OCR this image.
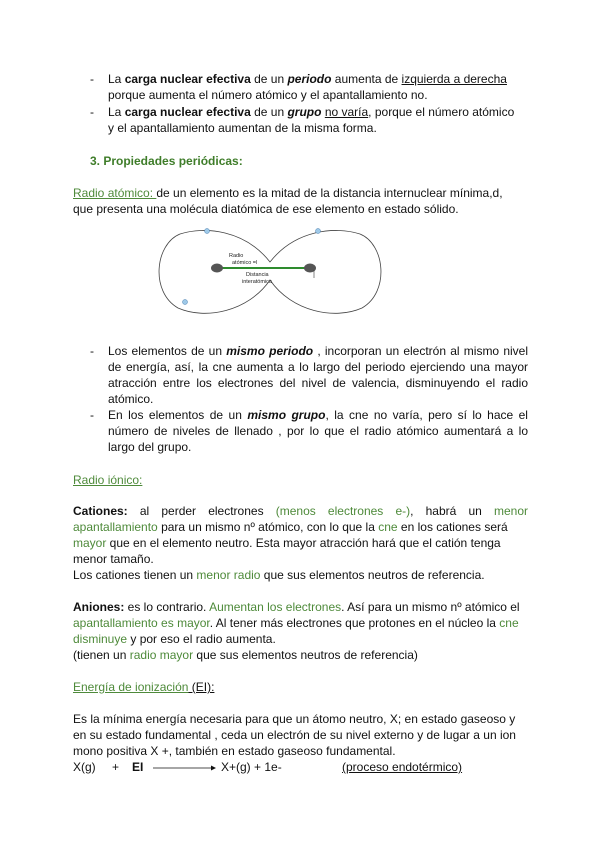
- La carga nuclear efectiva de un periodo aumenta de izquierda a derecha
porque aumenta el número atómico y el apantallamiento no.
- La carga nuclear efectiva de un grupo no varía, porque el número atómico
y el apantallamiento aumentan de la misma forma.
3. Propiedades periódicas:
Radio atómico: de un elemento es la mitad de la distancia internuclear mínima,d,
que presenta una molécula diatómica de ese elemento en estado sólido.
Radio
atómico =l
Distancia
interatómica
- Los elementos de un mismo periodo , incorporan un electrón al mismo nivel
de energía, así, la cne aumenta a lo largo del periodo ejerciendo una mayor
atracción entre los electrones del nivel de valencia, disminuyendo el radio
atómico.
- En los elementos de un mismo grupo, la cne no varía, pero sí lo hace el
número de niveles de llenado , por lo que el radio atómico aumentará a lo
largo del grupo.
Radio iónico:
Cationes: al perder electrones (menos electrones e-), habrá un menor
apantallamiento para un mismo nº atómico, con lo que la cne en los cationes será
mayor que en el elemento neutro. Esta mayor atracción hará que el catión tenga
menor tamaño.
Los cationes tienen un menor radio que sus elementos neutros de referencia.
Aniones: es lo contrario. Aumentan los electrones. Así para un mismo nº atómico el
apantallamiento es mayor. Al tener más electrones que protones en el núcleo la cne
disminuye y por eso el radio aumenta.
(tienen un radio mayor que sus elementos neutros de referencia)
Energía de ionización (EI):
Es la mínima energía necesaria para que un átomo neutro, X; en estado gaseoso y
en su estado fundamental , ceda un electrón de su nivel externo y de lugar a un ion
mono positiva X +, también en estado gaseoso fundamental.
X(g) + EI	X+(g) + 1e-	(proceso endotérmico)
